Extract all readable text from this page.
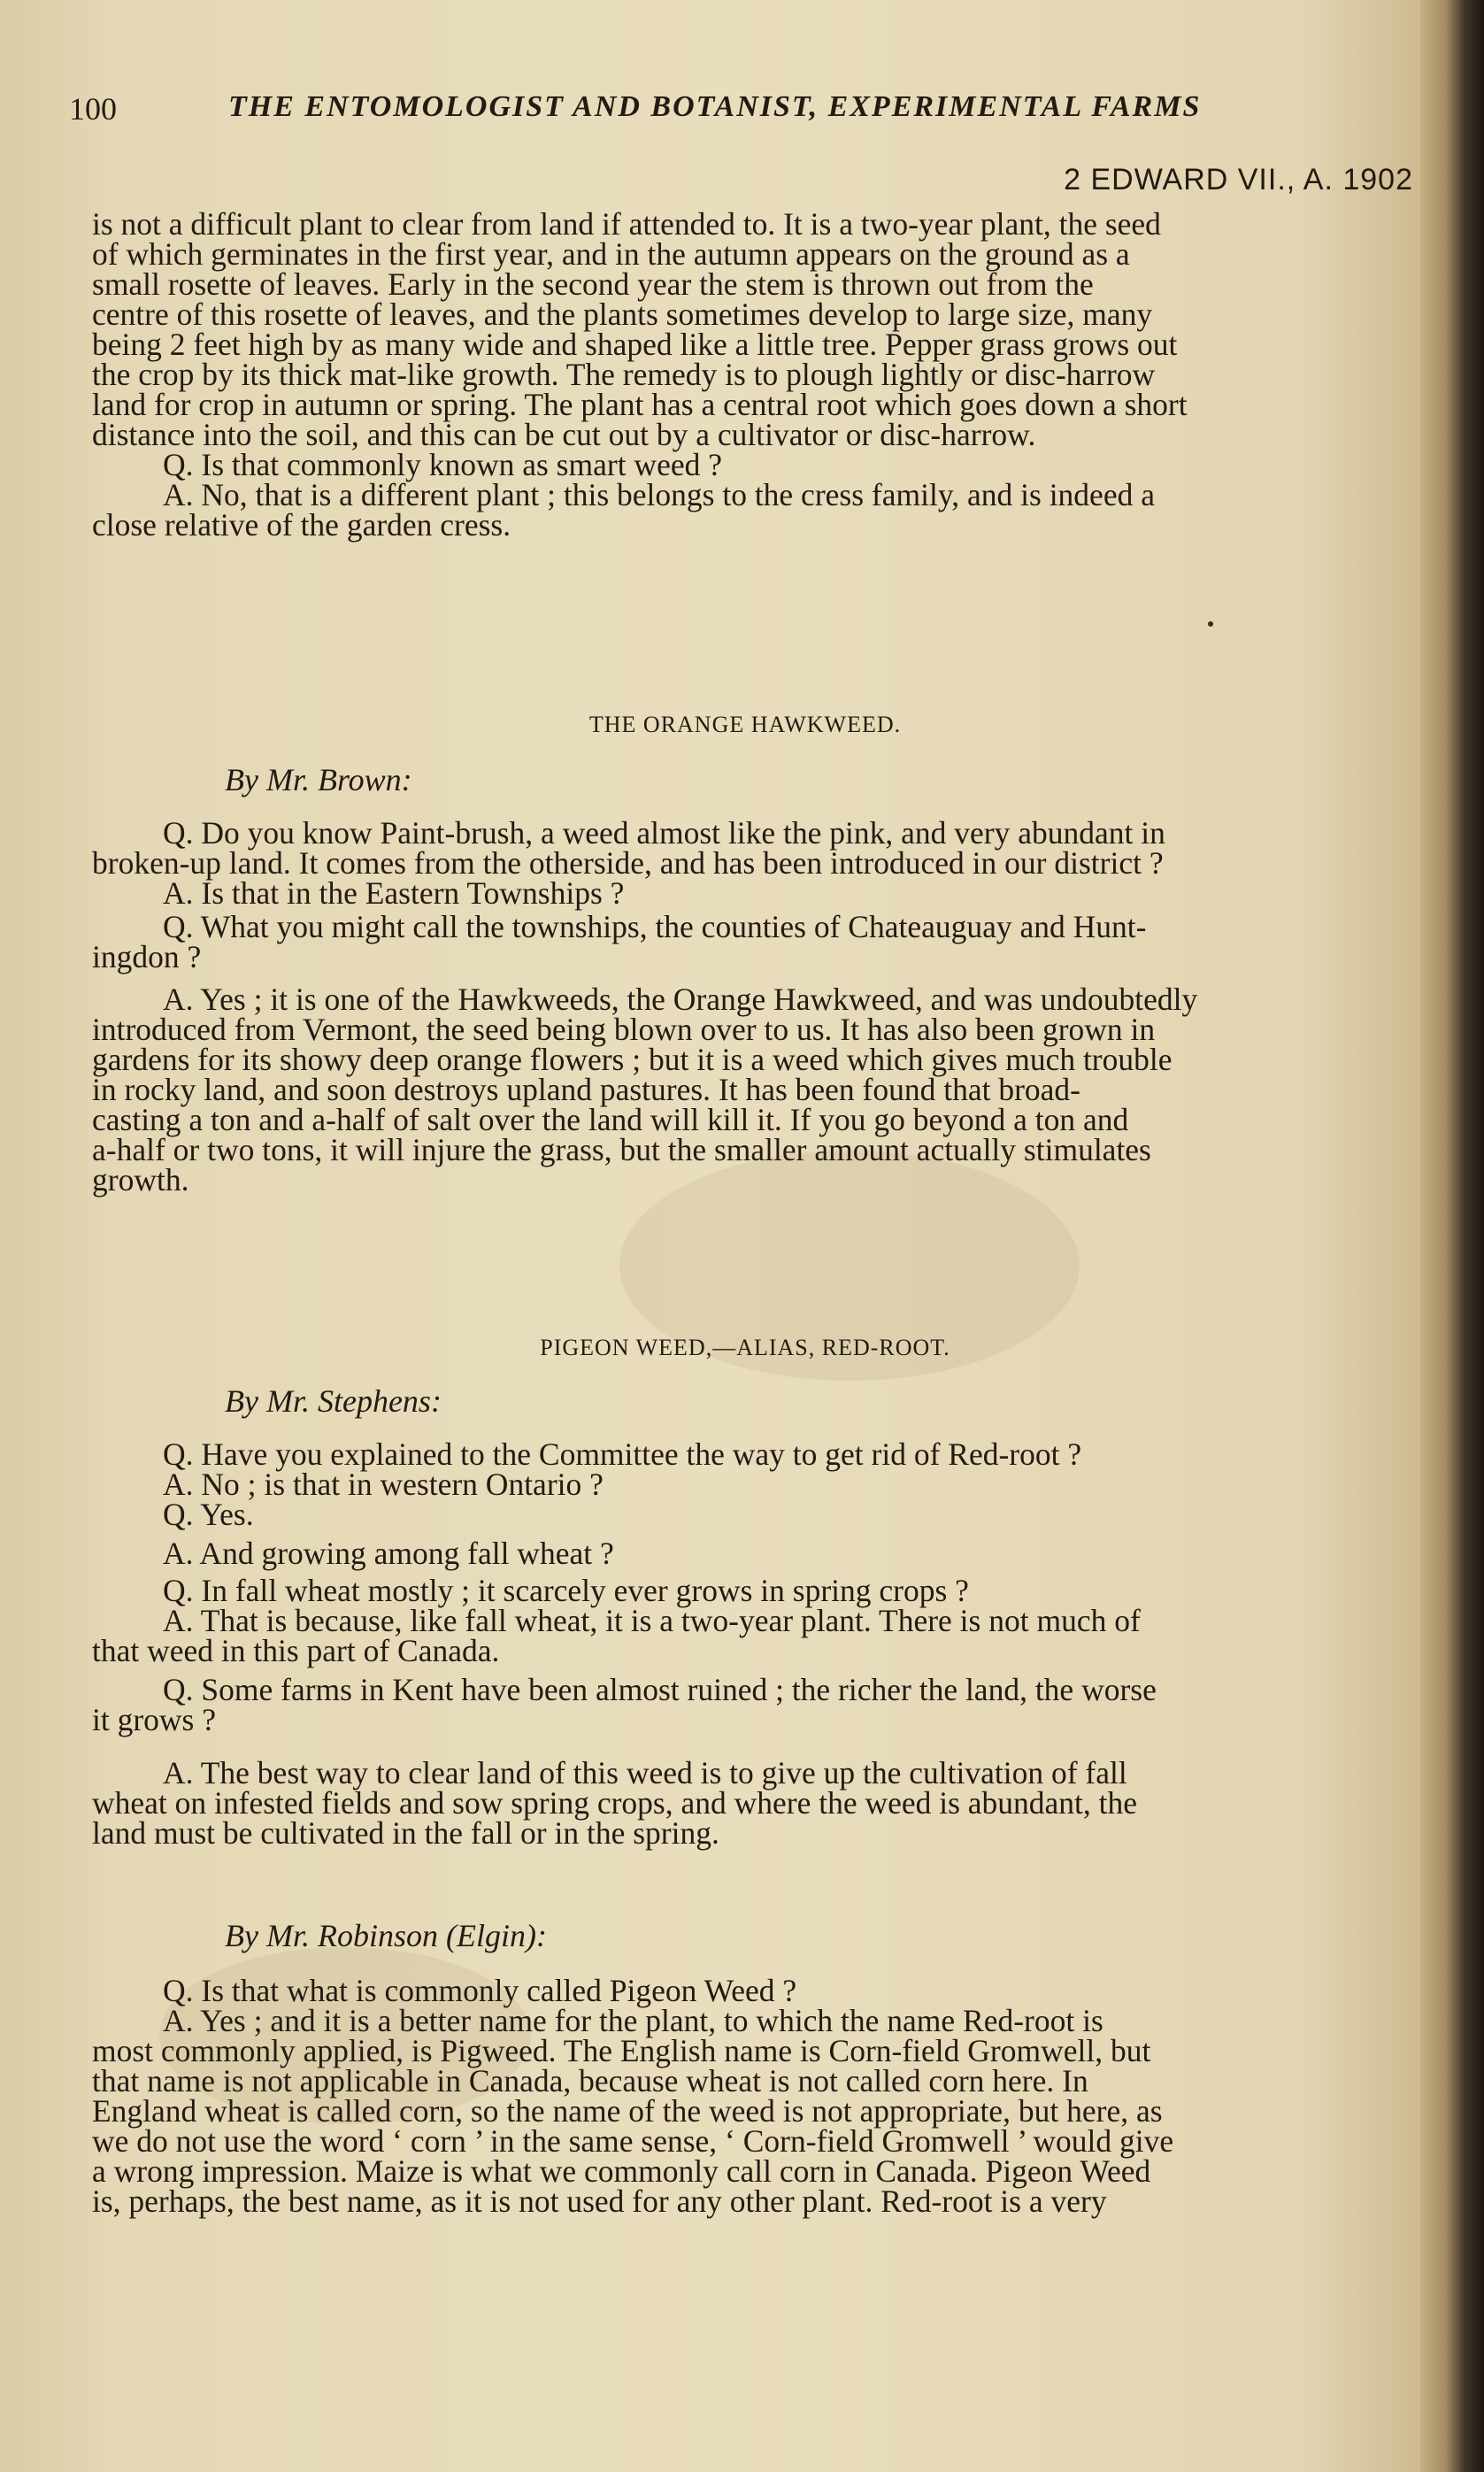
100	THE ENTOMOLOGIST AND BOTANIST, EXPERIMENTAL FARMS
2 EDWARD VII., A. 1902
is not a difficult plant to clear from land if attended to. It is a two-year plant, the seed
of which germinates in the first year, and in the autumn appears on the ground as a
small rosette of leaves. Early in the second year the stem is thrown out from the
centre of this rosette of leaves, and the plants sometimes develop to large size, many
being 2 feet high by as many wide and shaped like a little tree. Pepper grass grows out
the crop by its thick mat-like growth. The remedy is to plough lightly or disc-harrow
land for crop in autumn or spring. The plant has a central root which goes down a short
distance into the soil, and this can be cut out by a cultivator or disc-harrow.
Q. Is that commonly known as smart weed ?
A. No, that is a different plant ; this belongs to the cress family, and is indeed a
close relative of the garden cress.
THE ORANGE HAWKWEED.
By Mr. Brown:
Q. Do you know Paint-brush, a weed almost like the pink, and very abundant in
broken-up land. It comes from the otherside, and has been introduced in our district ?
A. Is that in the Eastern Townships ?
Q. What you might call the townships, the counties of Chateauguay and Hunt-
ingdon ?
A. Yes ; it is one of the Hawkweeds, the Orange Hawkweed, and was undoubtedly
introduced from Vermont, the seed being blown over to us. It has also been grown in
gardens for its showy deep orange flowers ; but it is a weed which gives much trouble
in rocky land, and soon destroys upland pastures. It has been found that broad-
casting a ton and a-half of salt over the land will kill it. If you go beyond a ton and
a-half or two tons, it will injure the grass, but the smaller amount actually stimulates
growth.
PIGEON WEED,—ALIAS, RED-ROOT.
By Mr. Stephens:
Q. Have you explained to the Committee the way to get rid of Red-root ?
A. No ; is that in western Ontario ?
Q. Yes.
A. And growing among fall wheat ?
Q. In fall wheat mostly ; it scarcely ever grows in spring crops ?
A. That is because, like fall wheat, it is a two-year plant. There is not much of
that weed in this part of Canada.
Q. Some farms in Kent have been almost ruined ; the richer the land, the worse
it grows ?
A. The best way to clear land of this weed is to give up the cultivation of fall
wheat on infested fields and sow spring crops, and where the weed is abundant, the
land must be cultivated in the fall or in the spring.
By Mr. Robinson (Elgin):
Q. Is that what is commonly called Pigeon Weed ?
A. Yes ; and it is a better name for the plant, to which the name Red-root is
most commonly applied, is Pigweed. The English name is Corn-field Gromwell, but
that name is not applicable in Canada, because wheat is not called corn here. In
England wheat is called corn, so the name of the weed is not appropriate, but here, as
we do not use the word ‘ corn ’ in the same sense, ‘ Corn-field Gromwell ’ would give
a wrong impression. Maize is what we commonly call corn in Canada. Pigeon Weed
is, perhaps, the best name, as it is not used for any other plant. Red-root is a very
